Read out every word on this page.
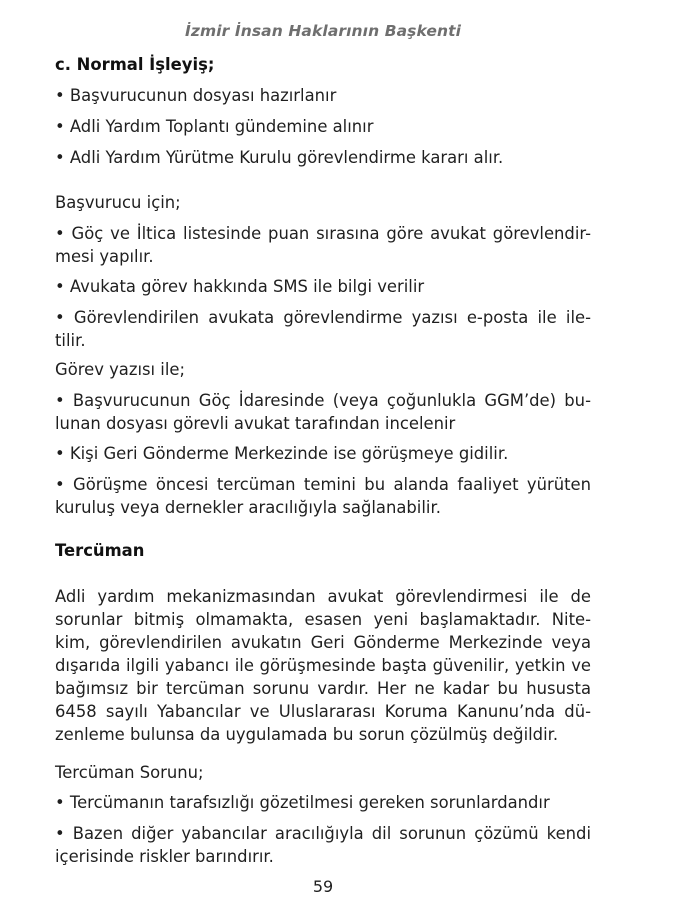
İzmir İnsan Haklarının Başkenti
c. Normal İşleyiş;

• Başvurucunun dosyası hazırlanır

• Adli Yardım Toplantı gündemine alınır

• Adli Yardım Yürütme Kurulu görevlendirme kararı alır.

Başvurucu için;

• Göç ve İltica listesinde puan sırasına göre avukat görevlendir-

mesi yapılır.

• Avukata görev hakkında SMS ile bilgi verilir

• Görevlendirilen avukata görevlendirme yazısı e-posta ile ile-

tilir.

Görev yazısı ile;

• Başvurucunun Göç İdaresinde (veya çoğunlukla GGM’de) bu-

lunan dosyası görevli avukat tarafından incelenir

• Kişi Geri Gönderme Merkezinde ise görüşmeye gidilir.

• Görüşme öncesi tercüman temini bu alanda faaliyet yürüten

kuruluş veya dernekler aracılığıyla sağlanabilir.

Tercüman

Adli yardım mekanizmasından avukat görevlendirmesi ile de

sorunlar bitmiş olmamakta, esasen yeni başlamaktadır. Nite-

kim, görevlendirilen avukatın Geri Gönderme Merkezinde veya

dışarıda ilgili yabancı ile görüşmesinde başta güvenilir, yetkin ve

bağımsız bir tercüman sorunu vardır. Her ne kadar bu hususta

6458 sayılı Yabancılar ve Uluslararası Koruma Kanunu’nda dü-

zenleme bulunsa da uygulamada bu sorun çözülmüş değildir.

Tercüman Sorunu;

• Tercümanın tarafsızlığı gözetilmesi gereken sorunlardandır

• Bazen diğer yabancılar aracılığıyla dil sorunun çözümü kendi

içerisinde riskler barındırır.

59
